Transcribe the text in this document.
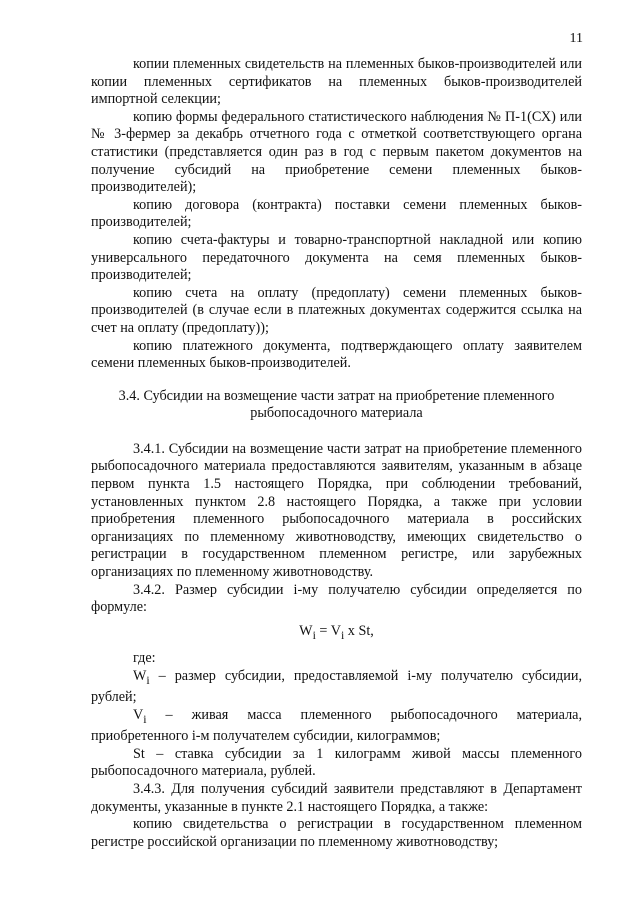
11

копии племенных свидетельств на племенных быков-производителей или копии племенных сертификатов на племенных быков-производителей импортной селекции;

копию формы федерального статистического наблюдения № П-1(СХ) или № 3-фермер за декабрь отчетного года с отметкой соответствующего органа статистики (представляется один раз в год с первым пакетом документов на получение субсидий на приобретение семени племенных быков-производителей);

копию договора (контракта) поставки семени племенных быков-производителей;

копию счета-фактуры и товарно-транспортной накладной или копию универсального передаточного документа на семя племенных быков-производителей;

копию счета на оплату (предоплату) семени племенных быков-производителей (в случае если в платежных документах содержится ссылка на счет на оплату (предоплату));

копию платежного документа, подтверждающего оплату заявителем семени племенных быков-производителей.

3.4. Субсидии на возмещение части затрат на приобретение племенного
рыбопосадочного материала

3.4.1. Субсидии на возмещение части затрат на приобретение племенного рыбопосадочного материала предоставляются заявителям, указанным в абзаце первом пункта 1.5 настоящего Порядка, при соблюдении требований, установленных пунктом 2.8 настоящего Порядка, а также при условии приобретения племенного рыбопосадочного материала в российских организациях по племенному животноводству, имеющих свидетельство о регистрации в государственном племенном регистре, или зарубежных организациях по племенному животноводству.

3.4.2. Размер субсидии i-му получателю субсидии определяется по формуле:

$W_i = V_i$ x St,

где:

$W_i$ – размер субсидии, предоставляемой i-му получателю субсидии, рублей;

$V_i$ – живая масса племенного рыбопосадочного материала, приобретенного i-м получателем субсидии, килограммов;

St – ставка субсидии за 1 килограмм живой массы племенного рыбопосадочного материала, рублей.

3.4.3. Для получения субсидий заявители представляют в Департамент документы, указанные в пункте 2.1 настоящего Порядка, а также:

копию свидетельства о регистрации в государственном племенном регистре российской организации по племенному животноводству;
